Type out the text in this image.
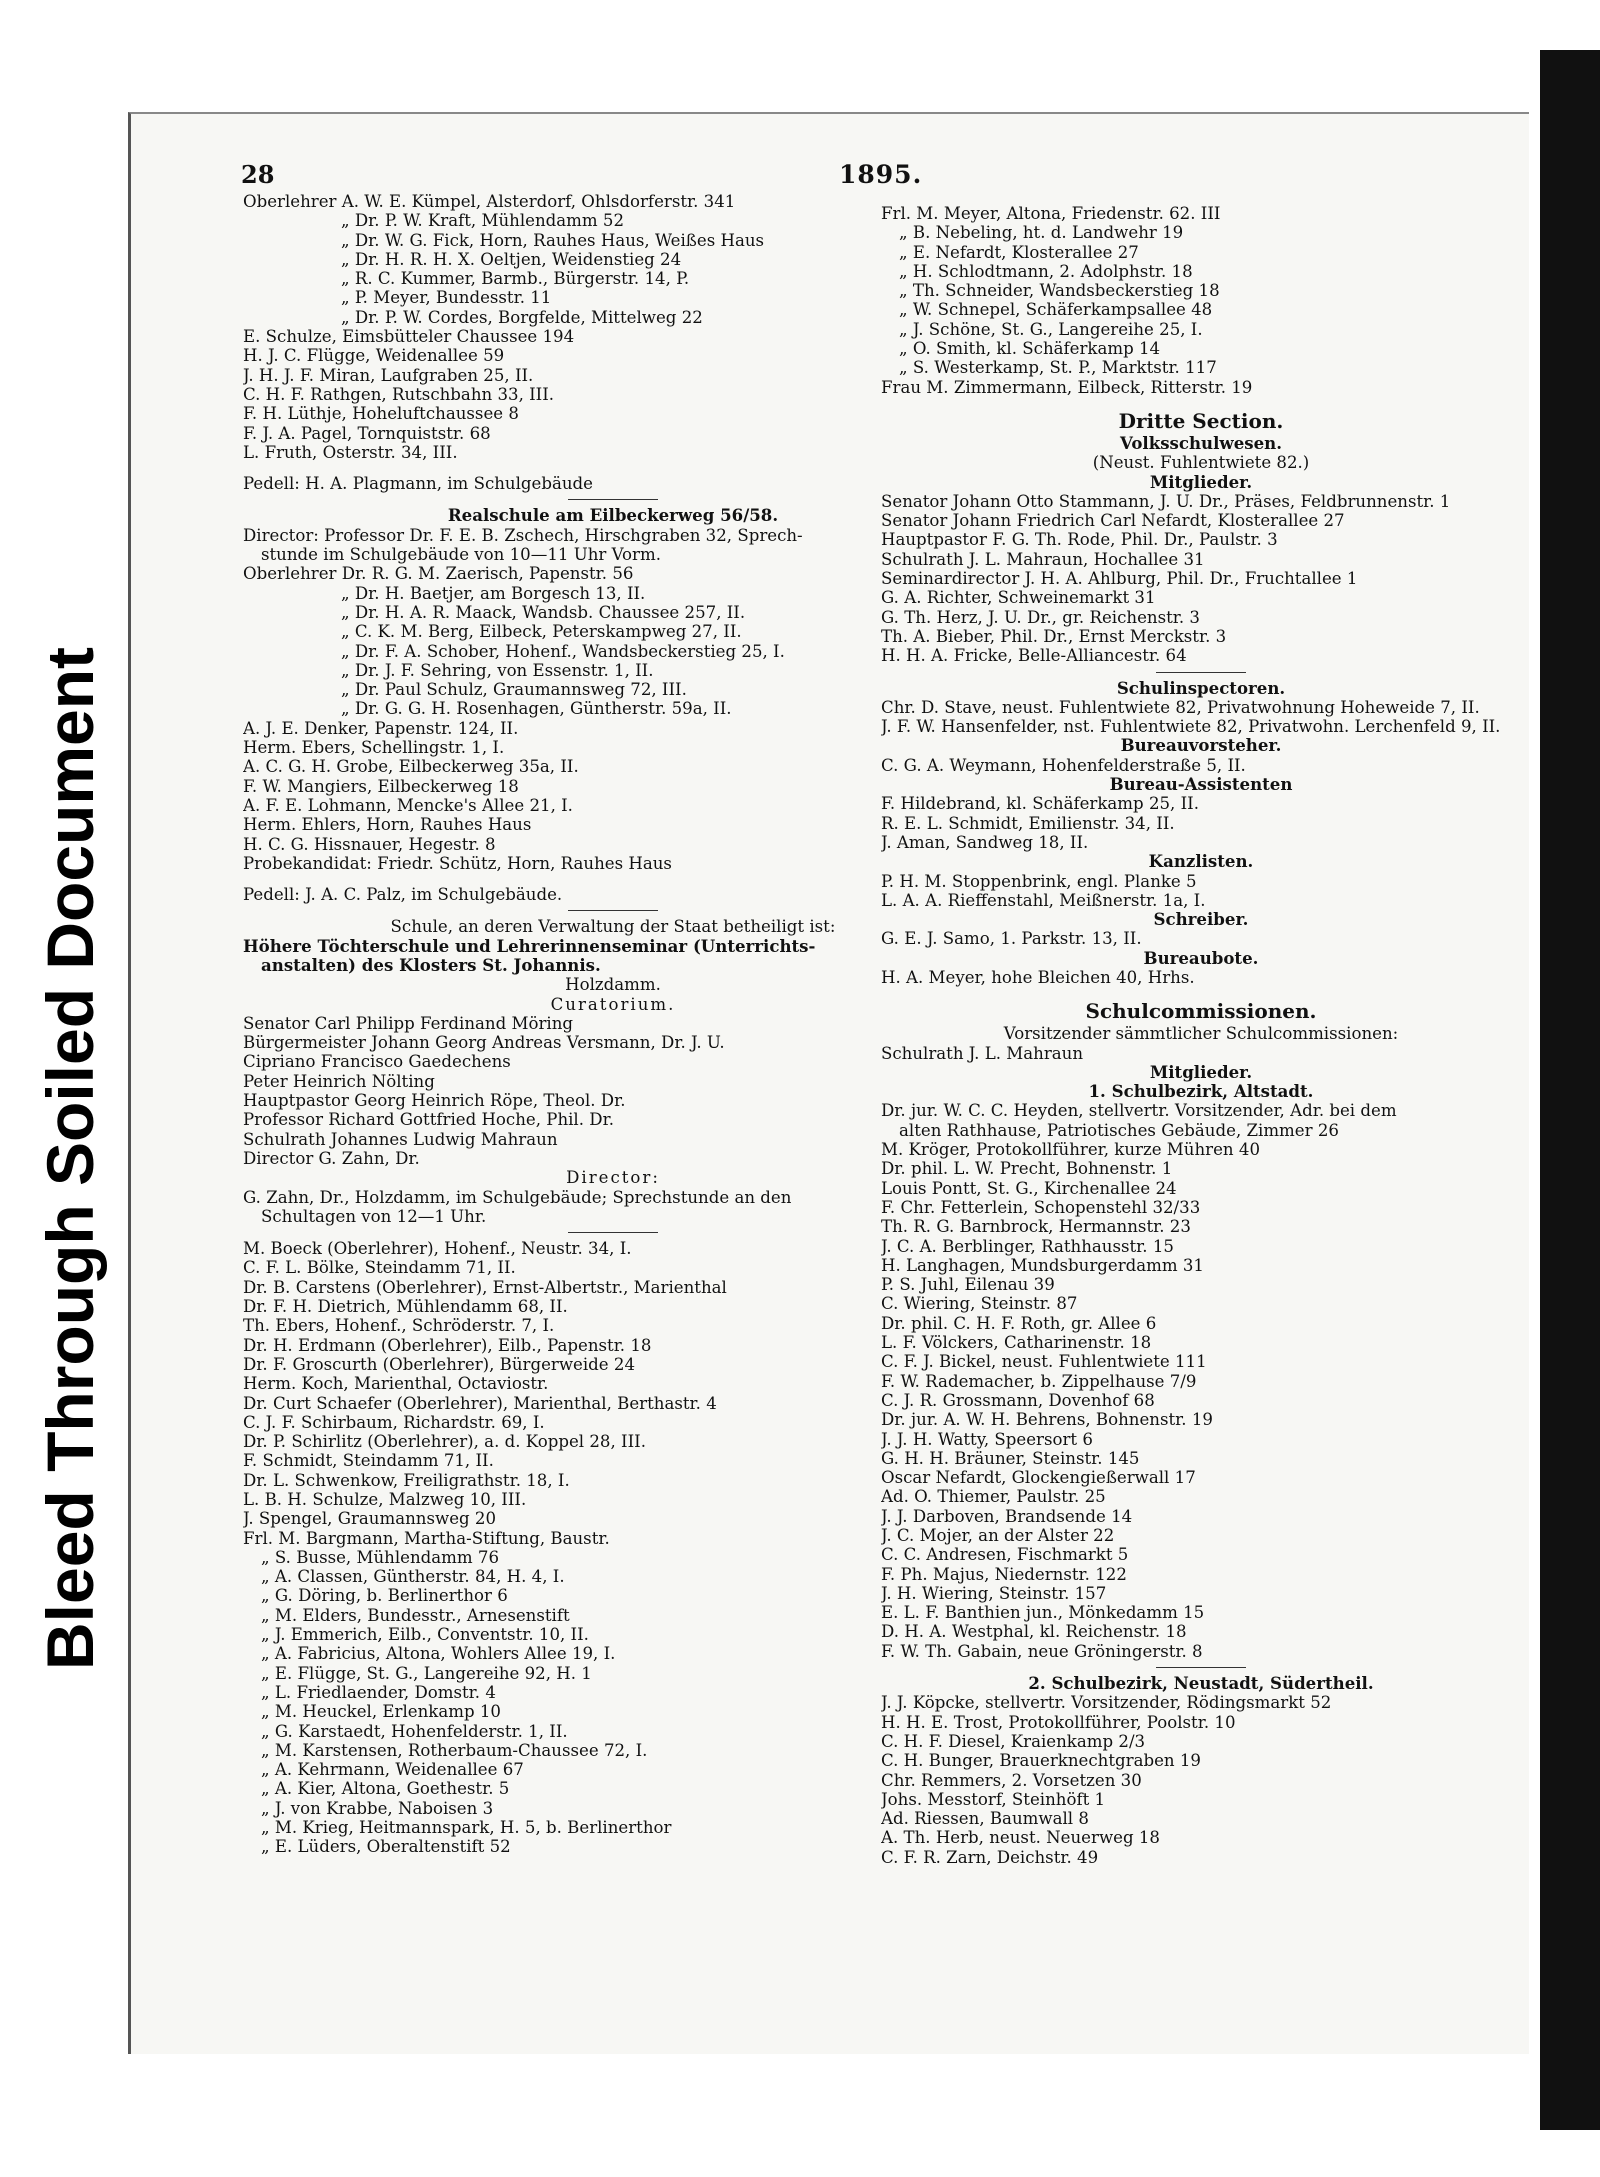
Bleed Through Soiled Document
28	1895.
Oberlehrer A. W. E. Kümpel, Alsterdorf, Ohlsdorferstr. 341
„ Dr. P. W. Kraft, Mühlendamm 52
„ Dr. W. G. Fick, Horn, Rauhes Haus, Weißes Haus
„ Dr. H. R. H. X. Oeltjen, Weidenstieg 24
„ R. C. Kummer, Barmb., Bürgerstr. 14, P.
„ P. Meyer, Bundesstr. 11
„ Dr. P. W. Cordes, Borgfelde, Mittelweg 22
E. Schulze, Eimsbütteler Chaussee 194
H. J. C. Flügge, Weidenallee 59
J. H. J. F. Miran, Laufgraben 25, II.
C. H. F. Rathgen, Rutschbahn 33, III.
F. H. Lüthje, Hoheluftchaussee 8
F. J. A. Pagel, Tornquiststr. 68
L. Fruth, Osterstr. 34, III.
Pedell: H. A. Plagmann, im Schulgebäude
Realschule am Eilbeckerweg 56/58.
Director: Professor Dr. F. E. B. Zschech, Hirschgraben 32, Sprech-
stunde im Schulgebäude von 10—11 Uhr Vorm.
Oberlehrer Dr. R. G. M. Zaerisch, Papenstr. 56
„ Dr. H. Baetjer, am Borgesch 13, II.
„ Dr. H. A. R. Maack, Wandsb. Chaussee 257, II.
„ C. K. M. Berg, Eilbeck, Peterskampweg 27, II.
„ Dr. F. A. Schober, Hohenf., Wandsbeckerstieg 25, I.
„ Dr. J. F. Sehring, von Essenstr. 1, II.
„ Dr. Paul Schulz, Graumannsweg 72, III.
„ Dr. G. G. H. Rosenhagen, Güntherstr. 59a, II.
A. J. E. Denker, Papenstr. 124, II.
Herm. Ebers, Schellingstr. 1, I.
A. C. G. H. Grobe, Eilbeckerweg 35a, II.
F. W. Mangiers, Eilbeckerweg 18
A. F. E. Lohmann, Mencke's Allee 21, I.
Herm. Ehlers, Horn, Rauhes Haus
H. C. G. Hissnauer, Hegestr. 8
Probekandidat: Friedr. Schütz, Horn, Rauhes Haus
Pedell: J. A. C. Palz, im Schulgebäude.
Schule, an deren Verwaltung der Staat betheiligt ist:
Höhere Töchterschule und Lehrerinnenseminar (Unterrichts-
anstalten) des Klosters St. Johannis.
Holzdamm.
Curatorium.
Senator Carl Philipp Ferdinand Möring
Bürgermeister Johann Georg Andreas Versmann, Dr. J. U.
Cipriano Francisco Gaedechens
Peter Heinrich Nölting
Hauptpastor Georg Heinrich Röpe, Theol. Dr.
Professor Richard Gottfried Hoche, Phil. Dr.
Schulrath Johannes Ludwig Mahraun
Director G. Zahn, Dr.
Director:
G. Zahn, Dr., Holzdamm, im Schulgebäude; Sprechstunde an den
Schultagen von 12—1 Uhr.
M. Boeck (Oberlehrer), Hohenf., Neustr. 34, I.
C. F. L. Bölke, Steindamm 71, II.
Dr. B. Carstens (Oberlehrer), Ernst-Albertstr., Marienthal
Dr. F. H. Dietrich, Mühlendamm 68, II.
Th. Ebers, Hohenf., Schröderstr. 7, I.
Dr. H. Erdmann (Oberlehrer), Eilb., Papenstr. 18
Dr. F. Groscurth (Oberlehrer), Bürgerweide 24
Herm. Koch, Marienthal, Octaviostr.
Dr. Curt Schaefer (Oberlehrer), Marienthal, Berthastr. 4
C. J. F. Schirbaum, Richardstr. 69, I.
Dr. P. Schirlitz (Oberlehrer), a. d. Koppel 28, III.
F. Schmidt, Steindamm 71, II.
Dr. L. Schwenkow, Freiligrathstr. 18, I.
L. B. H. Schulze, Malzweg 10, III.
J. Spengel, Graumannsweg 20
Frl. M. Bargmann, Martha-Stiftung, Baustr.
„ S. Busse, Mühlendamm 76
„ A. Classen, Güntherstr. 84, H. 4, I.
„ G. Döring, b. Berlinerthor 6
„ M. Elders, Bundesstr., Arnesenstift
„ J. Emmerich, Eilb., Conventstr. 10, II.
„ A. Fabricius, Altona, Wohlers Allee 19, I.
„ E. Flügge, St. G., Langereihe 92, H. 1
„ L. Friedlaender, Domstr. 4
„ M. Heuckel, Erlenkamp 10
„ G. Karstaedt, Hohenfelderstr. 1, II.
„ M. Karstensen, Rotherbaum-Chaussee 72, I.
„ A. Kehrmann, Weidenallee 67
„ A. Kier, Altona, Goethestr. 5
„ J. von Krabbe, Naboisen 3
„ M. Krieg, Heitmannspark, H. 5, b. Berlinerthor
„ E. Lüders, Oberaltenstift 52
Frl. M. Meyer, Altona, Friedenstr. 62. III
„ B. Nebeling, ht. d. Landwehr 19
„ E. Nefardt, Klosterallee 27
„ H. Schlodtmann, 2. Adolphstr. 18
„ Th. Schneider, Wandsbeckerstieg 18
„ W. Schnepel, Schäferkampsallee 48
„ J. Schöne, St. G., Langereihe 25, I.
„ O. Smith, kl. Schäferkamp 14
„ S. Westerkamp, St. P., Marktstr. 117
Frau M. Zimmermann, Eilbeck, Ritterstr. 19
Dritte Section.
Volksschulwesen.
(Neust. Fuhlentwiete 82.)
Mitglieder.
Senator Johann Otto Stammann, J. U. Dr., Präses, Feldbrunnenstr. 1
Senator Johann Friedrich Carl Nefardt, Klosterallee 27
Hauptpastor F. G. Th. Rode, Phil. Dr., Paulstr. 3
Schulrath J. L. Mahraun, Hochallee 31
Seminardirector J. H. A. Ahlburg, Phil. Dr., Fruchtallee 1
G. A. Richter, Schweinemarkt 31
G. Th. Herz, J. U. Dr., gr. Reichenstr. 3
Th. A. Bieber, Phil. Dr., Ernst Merckstr. 3
H. H. A. Fricke, Belle-Alliancestr. 64
Schulinspectoren.
Chr. D. Stave, neust. Fuhlentwiete 82, Privatwohnung Hoheweide 7, II.
J. F. W. Hansenfelder, nst. Fuhlentwiete 82, Privatwohn. Lerchenfeld 9, II.
Bureauvorsteher.
C. G. A. Weymann, Hohenfelderstraße 5, II.
Bureau-Assistenten
F. Hildebrand, kl. Schäferkamp 25, II.
R. E. L. Schmidt, Emilienstr. 34, II.
J. Aman, Sandweg 18, II.
Kanzlisten.
P. H. M. Stoppenbrink, engl. Planke 5
L. A. A. Rieffenstahl, Meißnerstr. 1a, I.
Schreiber.
G. E. J. Samo, 1. Parkstr. 13, II.
Bureaubote.
H. A. Meyer, hohe Bleichen 40, Hrhs.
Schulcommissionen.
Vorsitzender sämmtlicher Schulcommissionen:
Schulrath J. L. Mahraun
Mitglieder.
1. Schulbezirk, Altstadt.
Dr. jur. W. C. C. Heyden, stellvertr. Vorsitzender, Adr. bei dem
alten Rathhause, Patriotisches Gebäude, Zimmer 26
M. Kröger, Protokollführer, kurze Mühren 40
Dr. phil. L. W. Precht, Bohnenstr. 1
Louis Pontt, St. G., Kirchenallee 24
F. Chr. Fetterlein, Schopenstehl 32/33
Th. R. G. Barnbrock, Hermannstr. 23
J. C. A. Berblinger, Rathhausstr. 15
H. Langhagen, Mundsburgerdamm 31
P. S. Juhl, Eilenau 39
C. Wiering, Steinstr. 87
Dr. phil. C. H. F. Roth, gr. Allee 6
L. F. Völckers, Catharinenstr. 18
C. F. J. Bickel, neust. Fuhlentwiete 111
F. W. Rademacher, b. Zippelhause 7/9
C. J. R. Grossmann, Dovenhof 68
Dr. jur. A. W. H. Behrens, Bohnenstr. 19
J. J. H. Watty, Speersort 6
G. H. H. Bräuner, Steinstr. 145
Oscar Nefardt, Glockengießerwall 17
Ad. O. Thiemer, Paulstr. 25
J. J. Darboven, Brandsende 14
J. C. Mojer, an der Alster 22
C. C. Andresen, Fischmarkt 5
F. Ph. Majus, Niedernstr. 122
J. H. Wiering, Steinstr. 157
E. L. F. Banthien jun., Mönkedamm 15
D. H. A. Westphal, kl. Reichenstr. 18
F. W. Th. Gabain, neue Gröningerstr. 8
2. Schulbezirk, Neustadt, Südertheil.
J. J. Köpcke, stellvertr. Vorsitzender, Rödingsmarkt 52
H. H. E. Trost, Protokollführer, Poolstr. 10
C. H. F. Diesel, Kraienkamp 2/3
C. H. Bunger, Brauerknechtgraben 19
Chr. Remmers, 2. Vorsetzen 30
Johs. Messtorf, Steinhöft 1
Ad. Riessen, Baumwall 8
A. Th. Herb, neust. Neuerweg 18
C. F. R. Zarn, Deichstr. 49
